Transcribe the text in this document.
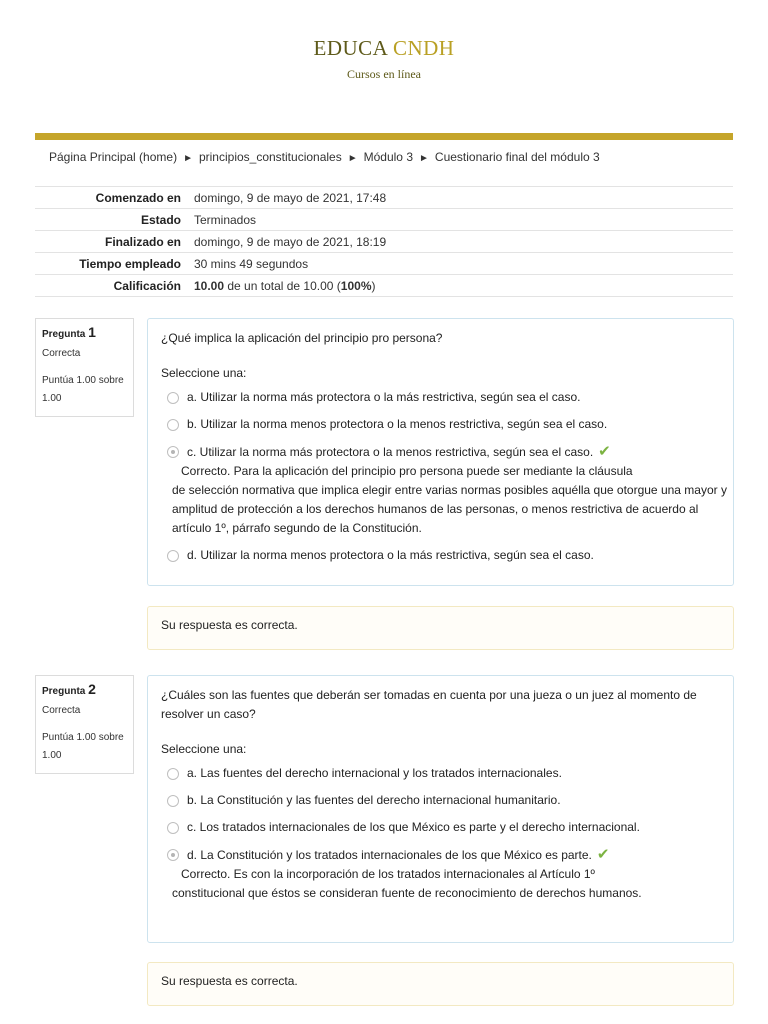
EDUCA CNDH
Cursos en línea
Página Principal (home) ► principios_constitucionales ► Módulo 3 ► Cuestionario final del módulo 3
Comenzado en	domingo, 9 de mayo de 2021, 17:48
Estado	Terminados
Finalizado en	domingo, 9 de mayo de 2021, 18:19
Tiempo empleado	30 mins 49 segundos
Calificación	10.00 de un total de 10.00 (100%)
Pregunta 1
Correcta
Puntúa 1.00 sobre 1.00
¿Qué implica la aplicación del principio pro persona?
Seleccione una:
a. Utilizar la norma más protectora o la más restrictiva, según sea el caso.
b. Utilizar la norma menos protectora o la menos restrictiva, según sea el caso.
c. Utilizar la norma más protectora o la menos restrictiva, según sea el caso. ✔
Correcto. Para la aplicación del principio pro persona puede ser mediante la cláusula
de selección normativa que implica elegir entre varias normas posibles aquélla que otorgue una mayor y amplitud de protección a los derechos humanos de las personas, o menos restrictiva de acuerdo al artículo 1º, párrafo segundo de la Constitución.
d. Utilizar la norma menos protectora o la más restrictiva, según sea el caso.
Su respuesta es correcta.
Pregunta 2
Correcta
Puntúa 1.00 sobre 1.00
¿Cuáles son las fuentes que deberán ser tomadas en cuenta por una jueza o un juez al momento de resolver un caso?
Seleccione una:
a. Las fuentes del derecho internacional y los tratados internacionales.
b. La Constitución y las fuentes del derecho internacional humanitario.
c. Los tratados internacionales de los que México es parte y el derecho internacional.
d. La Constitución y los tratados internacionales de los que México es parte. ✔
Correcto. Es con la incorporación de los tratados internacionales al Artículo 1º
constitucional que éstos se consideran fuente de reconocimiento de derechos humanos.
Su respuesta es correcta.
